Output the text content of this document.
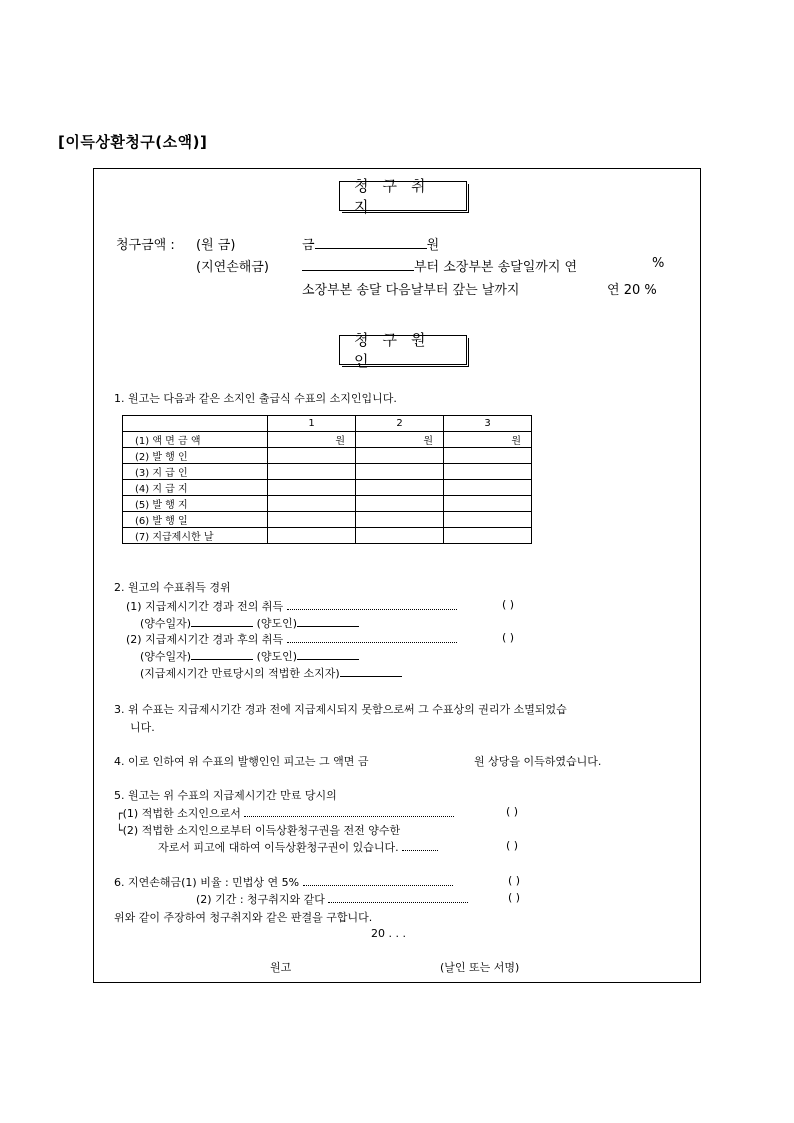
[이득상환청구(소액)]
청구취지
청구금액 : (원 금)	금	원
(지연손해금)	부터 소장부본 송달일까지 연	%
소장부본 송달 다음날부터 갚는 날까지	연 20 %
청구원인
1. 원고는 다음과 같은 소지인 출급식 수표의 소지인입니다.
	1	2	3
(1) 액 면 금 액	원	원	원
(2) 발 행 인			
(3) 지 급 인			
(4) 지 급 지			
(5) 발 행 지			
(6) 발 행 일			
(7) 지급제시한 날			
2. 원고의 수표취득 경위
(1) 지급제시기간 경과 전의 취득	( )
(양수일자)	(양도인)
(2) 지급제시기간 경과 후의 취득	( )
(양수일자)	(양도인)
(지급제시기간 만료당시의 적법한 소지자)
3. 위 수표는 지급제시기간 경과 전에 지급제시되지 못함으로써 그 수표상의 권리가 소멸되었습
니다.
4. 이로 인하여 위 수표의 발행인인 피고는 그 액면 금	원 상당을 이득하였습니다.
5. 원고는 위 수표의 지급제시기간 만료 당시의
┌(1) 적법한 소지인으로서	( )
└(2) 적법한 소지인으로부터 이득상환청구권을 전전 양수한
자로서 피고에 대하여 이득상환청구권이 있습니다.	( )
6. 지연손해금(1) 비율 : 민법상 연 5%	( )
(2) 기간 : 청구취지와 같다	( )
위와 같이 주장하여 청구취지와 같은 판결을 구합니다.
20 . . .
원고	(날인 또는 서명)
